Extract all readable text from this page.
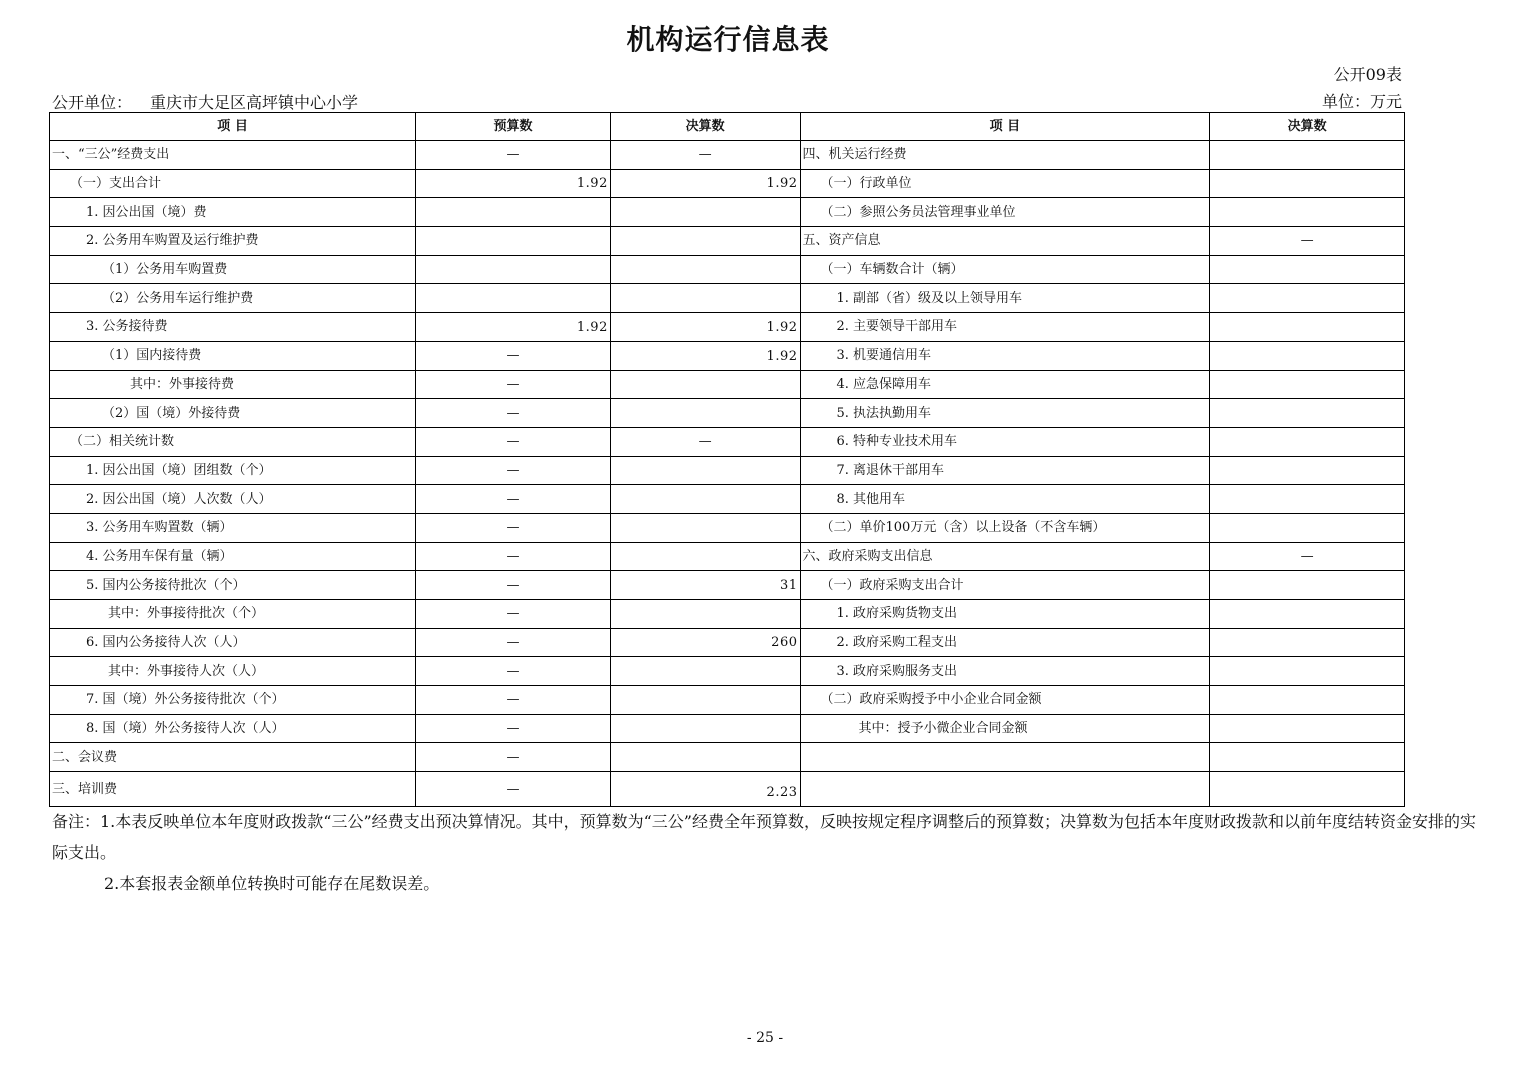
机构运行信息表
公开09表
公开单位： 重庆市大足区高坪镇中心小学	单位：万元
项 目	预算数	决算数	项 目	决算数
一、“三公”经费支出	—	—	四、机关运行经费	
（一）支出合计	1.92	1.92	（一）行政单位	
1. 因公出国（境）费			（二）参照公务员法管理事业单位	
2. 公务用车购置及运行维护费			五、资产信息	—
（1）公务用车购置费			（一）车辆数合计（辆）	
（2）公务用车运行维护费			1. 副部（省）级及以上领导用车	
3. 公务接待费	1.92	1.92	2. 主要领导干部用车	
（1）国内接待费	—	1.92	3. 机要通信用车	
其中：外事接待费	—		4. 应急保障用车	
（2）国（境）外接待费	—		5. 执法执勤用车	
（二）相关统计数	—	—	6. 特种专业技术用车	
1. 因公出国（境）团组数（个）	—		7. 离退休干部用车	
2. 因公出国（境）人次数（人）	—		8. 其他用车	
3. 公务用车购置数（辆）	—		（二）单价100万元（含）以上设备（不含车辆）	
4. 公务用车保有量（辆）	—		六、政府采购支出信息	—
5. 国内公务接待批次（个）	—	31	（一）政府采购支出合计	
其中：外事接待批次（个）	—		1. 政府采购货物支出	
6. 国内公务接待人次（人）	—	260	2. 政府采购工程支出	
其中：外事接待人次（人）	—		3. 政府采购服务支出	
7. 国（境）外公务接待批次（个）	—		（二）政府采购授予中小企业合同金额	
8. 国（境）外公务接待人次（人）	—		其中：授予小微企业合同金额	
二、会议费	—			
三、培训费	—	2.23		
备注：1.本表反映单位本年度财政拨款“三公”经费支出预决算情况。其中，预算数为“三公”经费全年预算数，反映按规定程序调整后的预算数；决算数为包括本年度财政拨款和以前年度结转资金安排的实际支出。
2.本套报表金额单位转换时可能存在尾数误差。
- 25 -
